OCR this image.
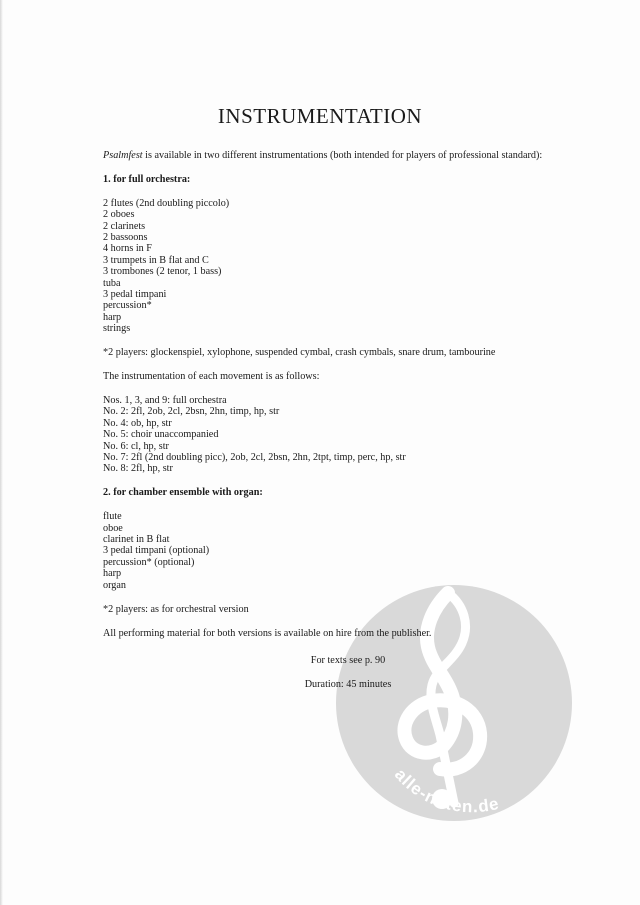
alle-noten.de
INSTRUMENTATION

Psalmfest is available in two different instrumentations (both intended for players of professional standard):

1. for full orchestra:

2 flutes (2nd doubling piccolo)

2 oboes

2 clarinets

2 bassoons

4 horns in F

3 trumpets in B flat and C

3 trombones (2 tenor, 1 bass)

tuba

3 pedal timpani

percussion*

harp

strings

*2 players: glockenspiel, xylophone, suspended cymbal, crash cymbals, snare drum, tambourine

The instrumentation of each movement is as follows:

Nos. 1, 3, and 9: full orchestra

No. 2: 2fl, 2ob, 2cl, 2bsn, 2hn, timp, hp, str

No. 4: ob, hp, str

No. 5: choir unaccompanied

No. 6: cl, hp, str

No. 7: 2fl (2nd doubling picc), 2ob, 2cl, 2bsn, 2hn, 2tpt, timp, perc, hp, str

No. 8: 2fl, hp, str

2. for chamber ensemble with organ:

flute

oboe

clarinet in B flat

3 pedal timpani (optional)

percussion* (optional)

harp

organ

*2 players: as for orchestral version

All performing material for both versions is available on hire from the publisher.

For texts see p. 90

Duration: 45 minutes
